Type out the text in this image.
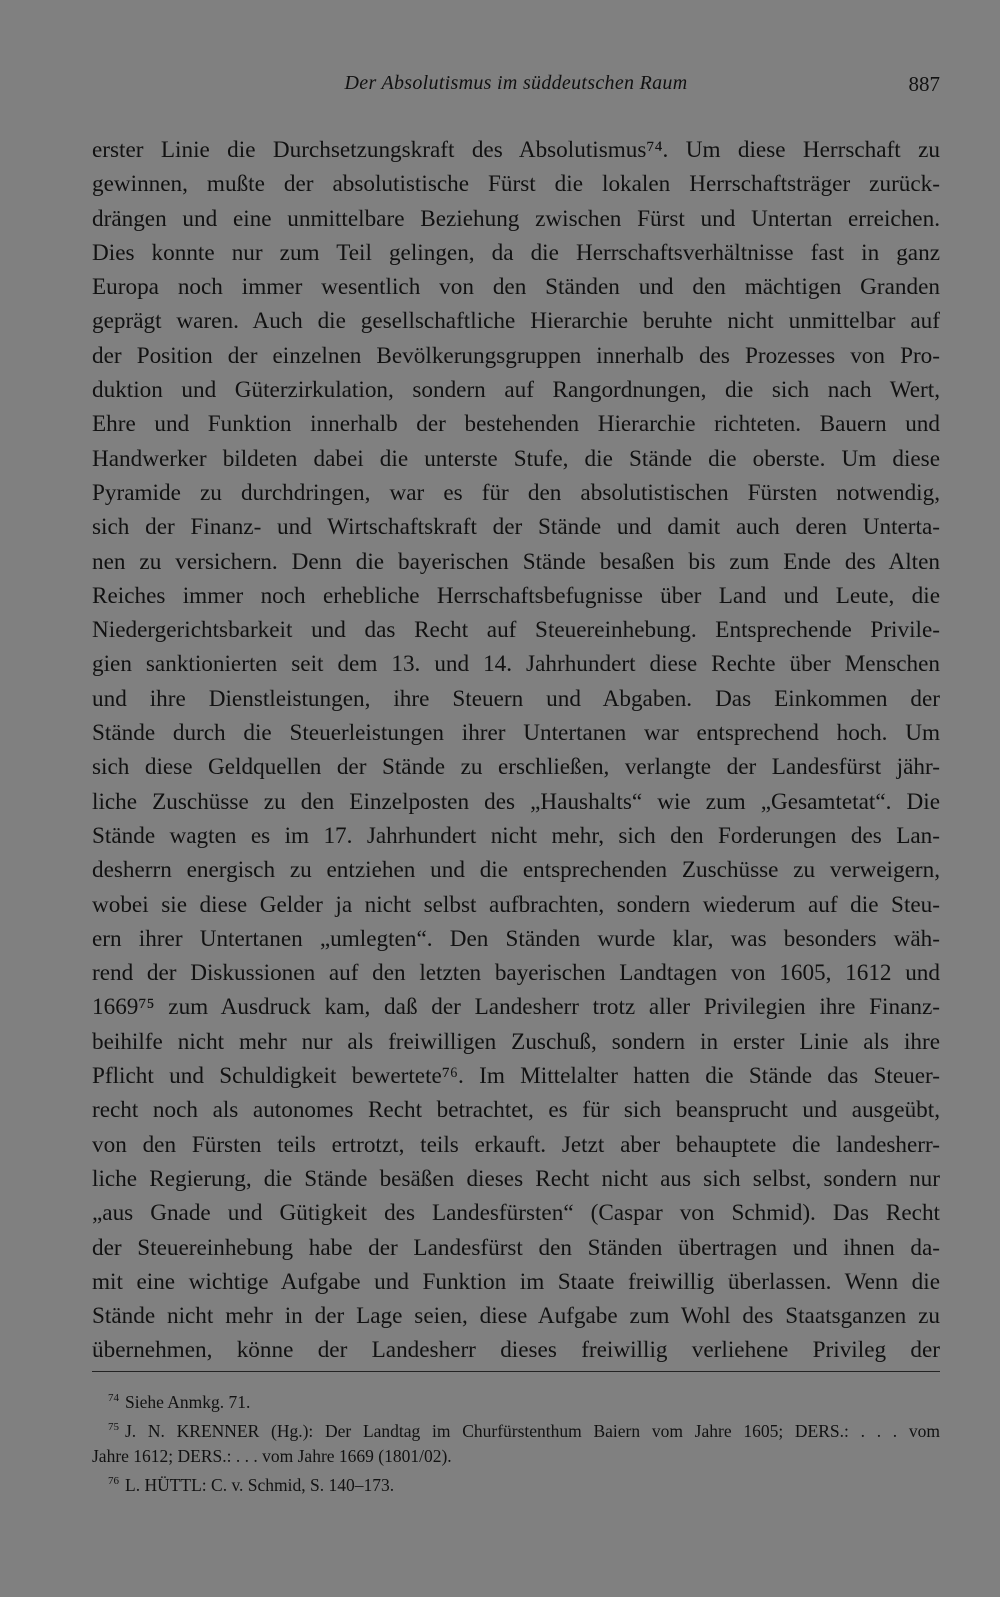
Der Absolutismus im süddeutschen Raum	887
erster Linie die Durchsetzungskraft des Absolutismus⁷⁴. Um diese Herrschaft zu
gewinnen, mußte der absolutistische Fürst die lokalen Herrschaftsträger zurück-
drängen und eine unmittelbare Beziehung zwischen Fürst und Untertan erreichen.
Dies konnte nur zum Teil gelingen, da die Herrschaftsverhältnisse fast in ganz
Europa noch immer wesentlich von den Ständen und den mächtigen Granden
geprägt waren. Auch die gesellschaftliche Hierarchie beruhte nicht unmittelbar auf
der Position der einzelnen Bevölkerungsgruppen innerhalb des Prozesses von Pro-
duktion und Güterzirkulation, sondern auf Rangordnungen, die sich nach Wert,
Ehre und Funktion innerhalb der bestehenden Hierarchie richteten. Bauern und
Handwerker bildeten dabei die unterste Stufe, die Stände die oberste. Um diese
Pyramide zu durchdringen, war es für den absolutistischen Fürsten notwendig,
sich der Finanz- und Wirtschaftskraft der Stände und damit auch deren Unterta-
nen zu versichern. Denn die bayerischen Stände besaßen bis zum Ende des Alten
Reiches immer noch erhebliche Herrschaftsbefugnisse über Land und Leute, die
Niedergerichtsbarkeit und das Recht auf Steuereinhebung. Entsprechende Privile-
gien sanktionierten seit dem 13. und 14. Jahrhundert diese Rechte über Menschen
und ihre Dienstleistungen, ihre Steuern und Abgaben. Das Einkommen der
Stände durch die Steuerleistungen ihrer Untertanen war entsprechend hoch. Um
sich diese Geldquellen der Stände zu erschließen, verlangte der Landesfürst jähr-
liche Zuschüsse zu den Einzelposten des „Haushalts“ wie zum „Gesamtetat“. Die
Stände wagten es im 17. Jahrhundert nicht mehr, sich den Forderungen des Lan-
desherrn energisch zu entziehen und die entsprechenden Zuschüsse zu verweigern,
wobei sie diese Gelder ja nicht selbst aufbrachten, sondern wiederum auf die Steu-
ern ihrer Untertanen „umlegten“. Den Ständen wurde klar, was besonders wäh-
rend der Diskussionen auf den letzten bayerischen Landtagen von 1605, 1612 und
1669⁷⁵ zum Ausdruck kam, daß der Landesherr trotz aller Privilegien ihre Finanz-
beihilfe nicht mehr nur als freiwilligen Zuschuß, sondern in erster Linie als ihre
Pflicht und Schuldigkeit bewertete⁷⁶. Im Mittelalter hatten die Stände das Steuer-
recht noch als autonomes Recht betrachtet, es für sich beansprucht und ausgeübt,
von den Fürsten teils ertrotzt, teils erkauft. Jetzt aber behauptete die landesherr-
liche Regierung, die Stände besäßen dieses Recht nicht aus sich selbst, sondern nur
„aus Gnade und Gütigkeit des Landesfürsten“ (Caspar von Schmid). Das Recht
der Steuereinhebung habe der Landesfürst den Ständen übertragen und ihnen da-
mit eine wichtige Aufgabe und Funktion im Staate freiwillig überlassen. Wenn die
Stände nicht mehr in der Lage seien, diese Aufgabe zum Wohl des Staatsganzen zu
übernehmen, könne der Landesherr dieses freiwillig verliehene Privileg der
$^{74}$ Siehe Anmkg. 71.
$^{75}$ J. N. KRENNER (Hg.): Der Landtag im Churfürstenthum Baiern vom Jahre 1605; DERS.: . . . vom
Jahre 1612; DERS.: . . . vom Jahre 1669 (1801/02).
$^{76}$ L. HÜTTL: C. v. Schmid, S. 140–173.
